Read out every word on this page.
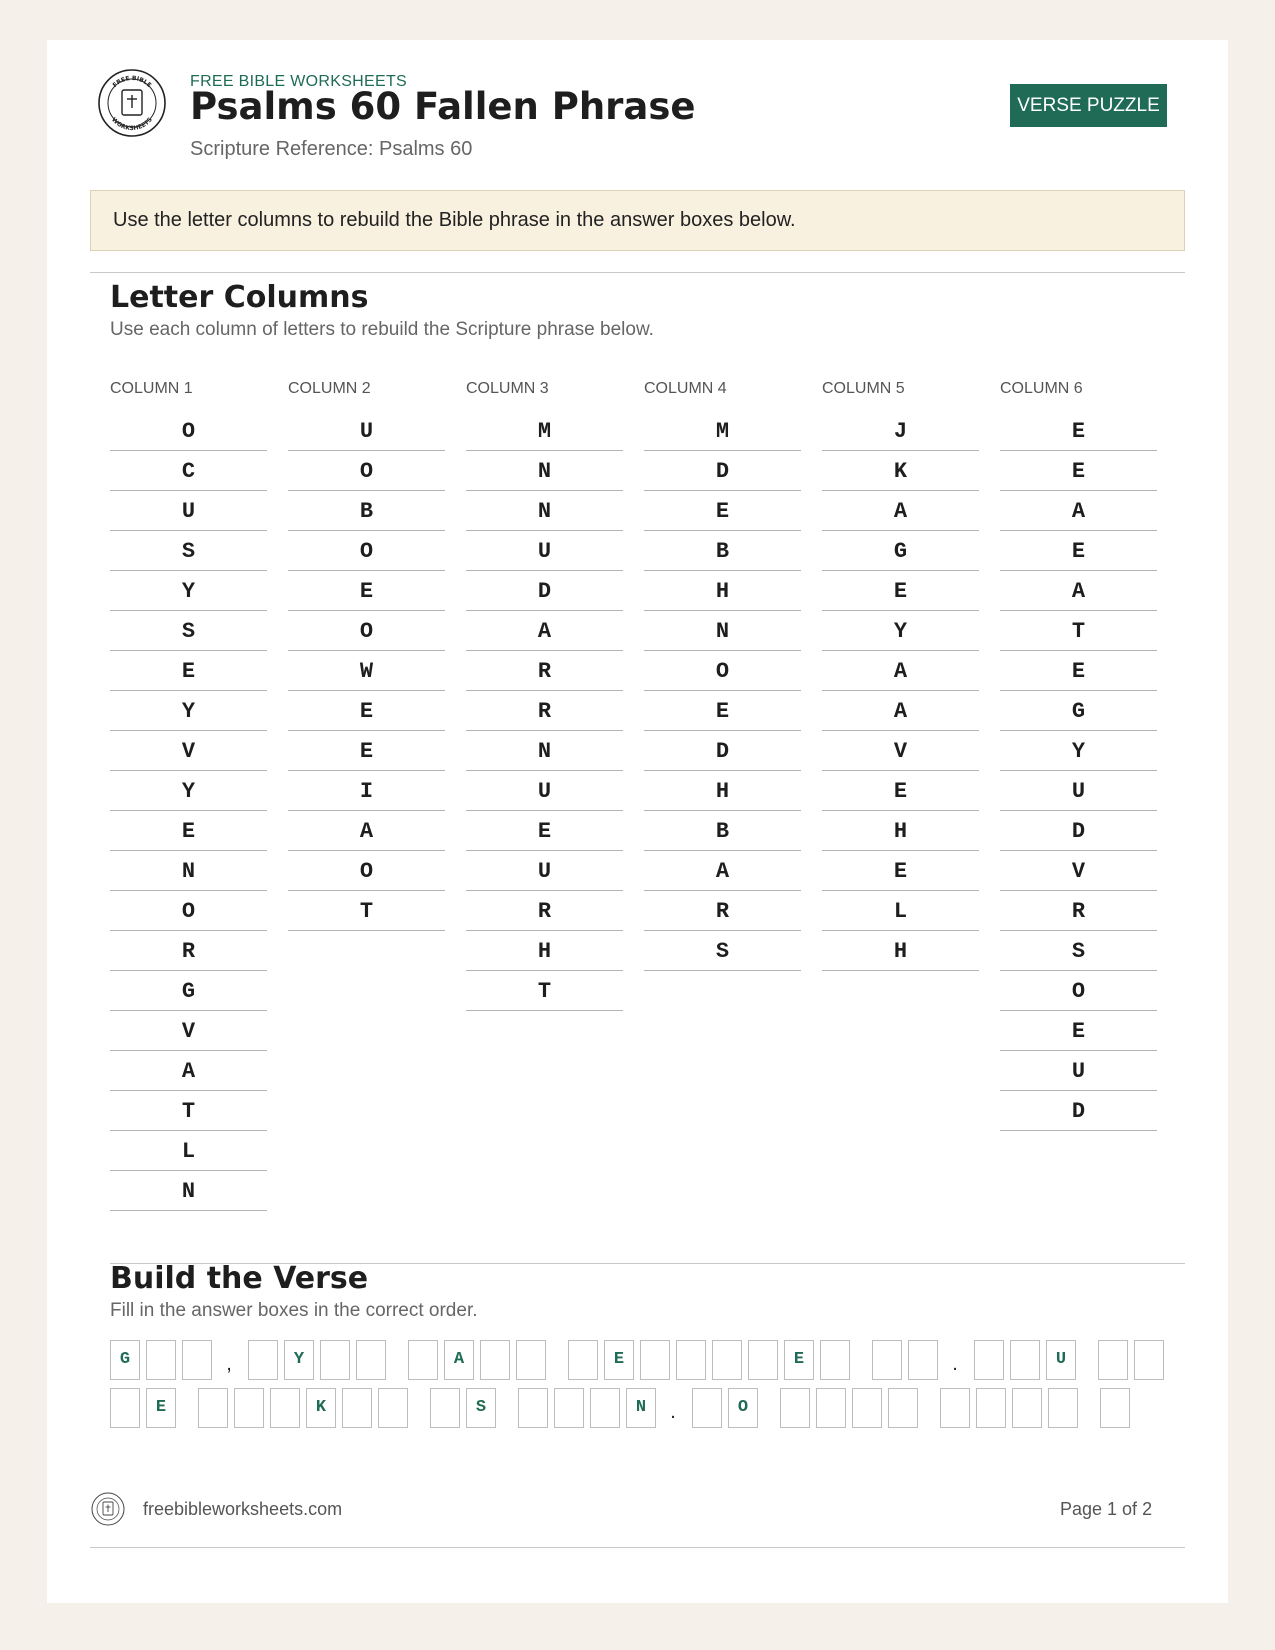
FREE BIBLE
WORKSHEETS
FREE BIBLE WORKSHEETS
Psalms 60 Fallen Phrase
Scripture Reference: Psalms 60
VERSE PUZZLE
Use the letter columns to rebuild the Bible phrase in the answer boxes below.
Letter Columns
Use each column of letters to rebuild the Scripture phrase below.
COLUMN 1
O
C
U
S
Y
S
E
Y
V
Y
E
N
O
R
G
V
A
T
L
N
COLUMN 2
U
O
B
O
E
O
W
E
E
I
A
O
T
COLUMN 3
M
N
N
U
D
A
R
R
N
U
E
U
R
H
T
COLUMN 4
M
D
E
B
H
N
O
E
D
H
B
A
R
S
COLUMN 5
J
K
A
G
E
Y
A
A
V
E
H
E
L
H
COLUMN 6
E
E
A
E
A
T
E
G
Y
U
D
V
R
S
O
E
U
D
Build the Verse
Fill in the answer boxes in the correct order.
G	,	Y	A	E	E	.	U
E	K	S	N	.	O
freebibleworksheets.com	Page 1 of 2
